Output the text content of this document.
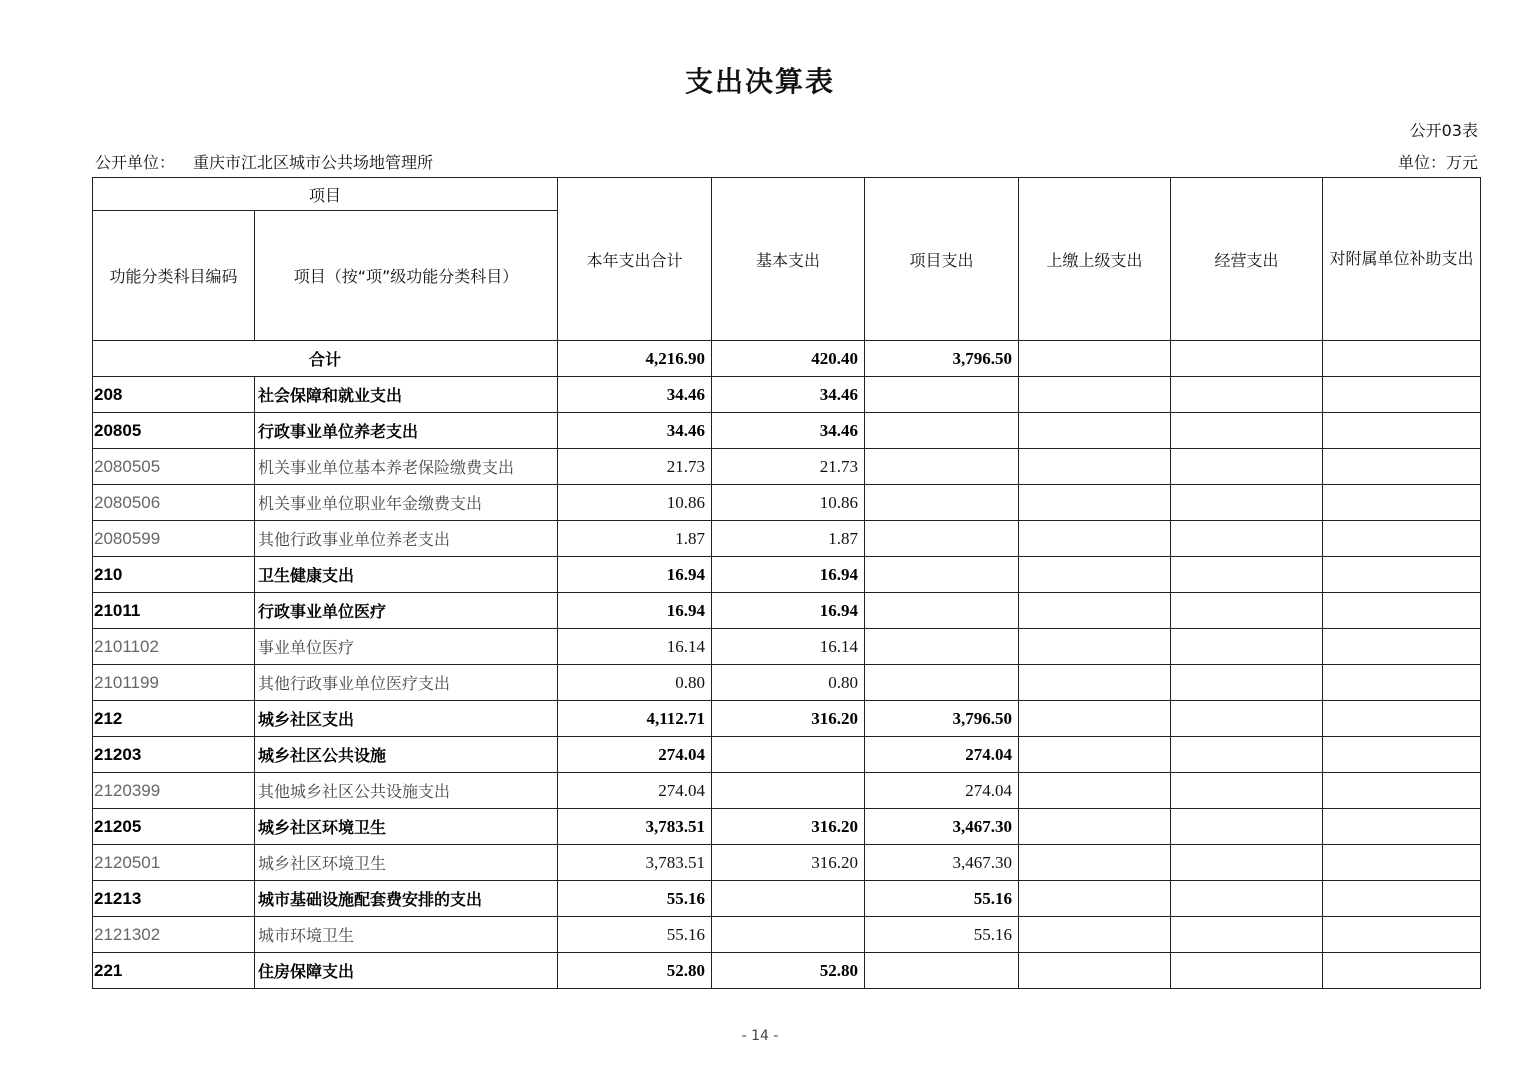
支出决算表
公开03表
公开单位： 重庆市江北区城市公共场地管理所	单位：万元
项目		本年支出合计	基本支出	项目支出	上缴上级支出	经营支出	对附属单位补助支出
功能分类科目编码	项目（按“项”级功能分类科目）						
合计		4,216.90	420.40	3,796.50			
208	社会保障和就业支出	34.46	34.46				
20805	行政事业单位养老支出	34.46	34.46				
2080505	机关事业单位基本养老保险缴费支出	21.73	21.73				
2080506	机关事业单位职业年金缴费支出	10.86	10.86				
2080599	其他行政事业单位养老支出	1.87	1.87				
210	卫生健康支出	16.94	16.94				
21011	行政事业单位医疗	16.94	16.94				
2101102	事业单位医疗	16.14	16.14				
2101199	其他行政事业单位医疗支出	0.80	0.80				
212	城乡社区支出	4,112.71	316.20	3,796.50			
21203	城乡社区公共设施	274.04		274.04			
2120399	其他城乡社区公共设施支出	274.04		274.04			
21205	城乡社区环境卫生	3,783.51	316.20	3,467.30			
2120501	城乡社区环境卫生	3,783.51	316.20	3,467.30			
21213	城市基础设施配套费安排的支出	55.16		55.16			
2121302	城市环境卫生	55.16		55.16			
221	住房保障支出	52.80	52.80				
- 14 -
